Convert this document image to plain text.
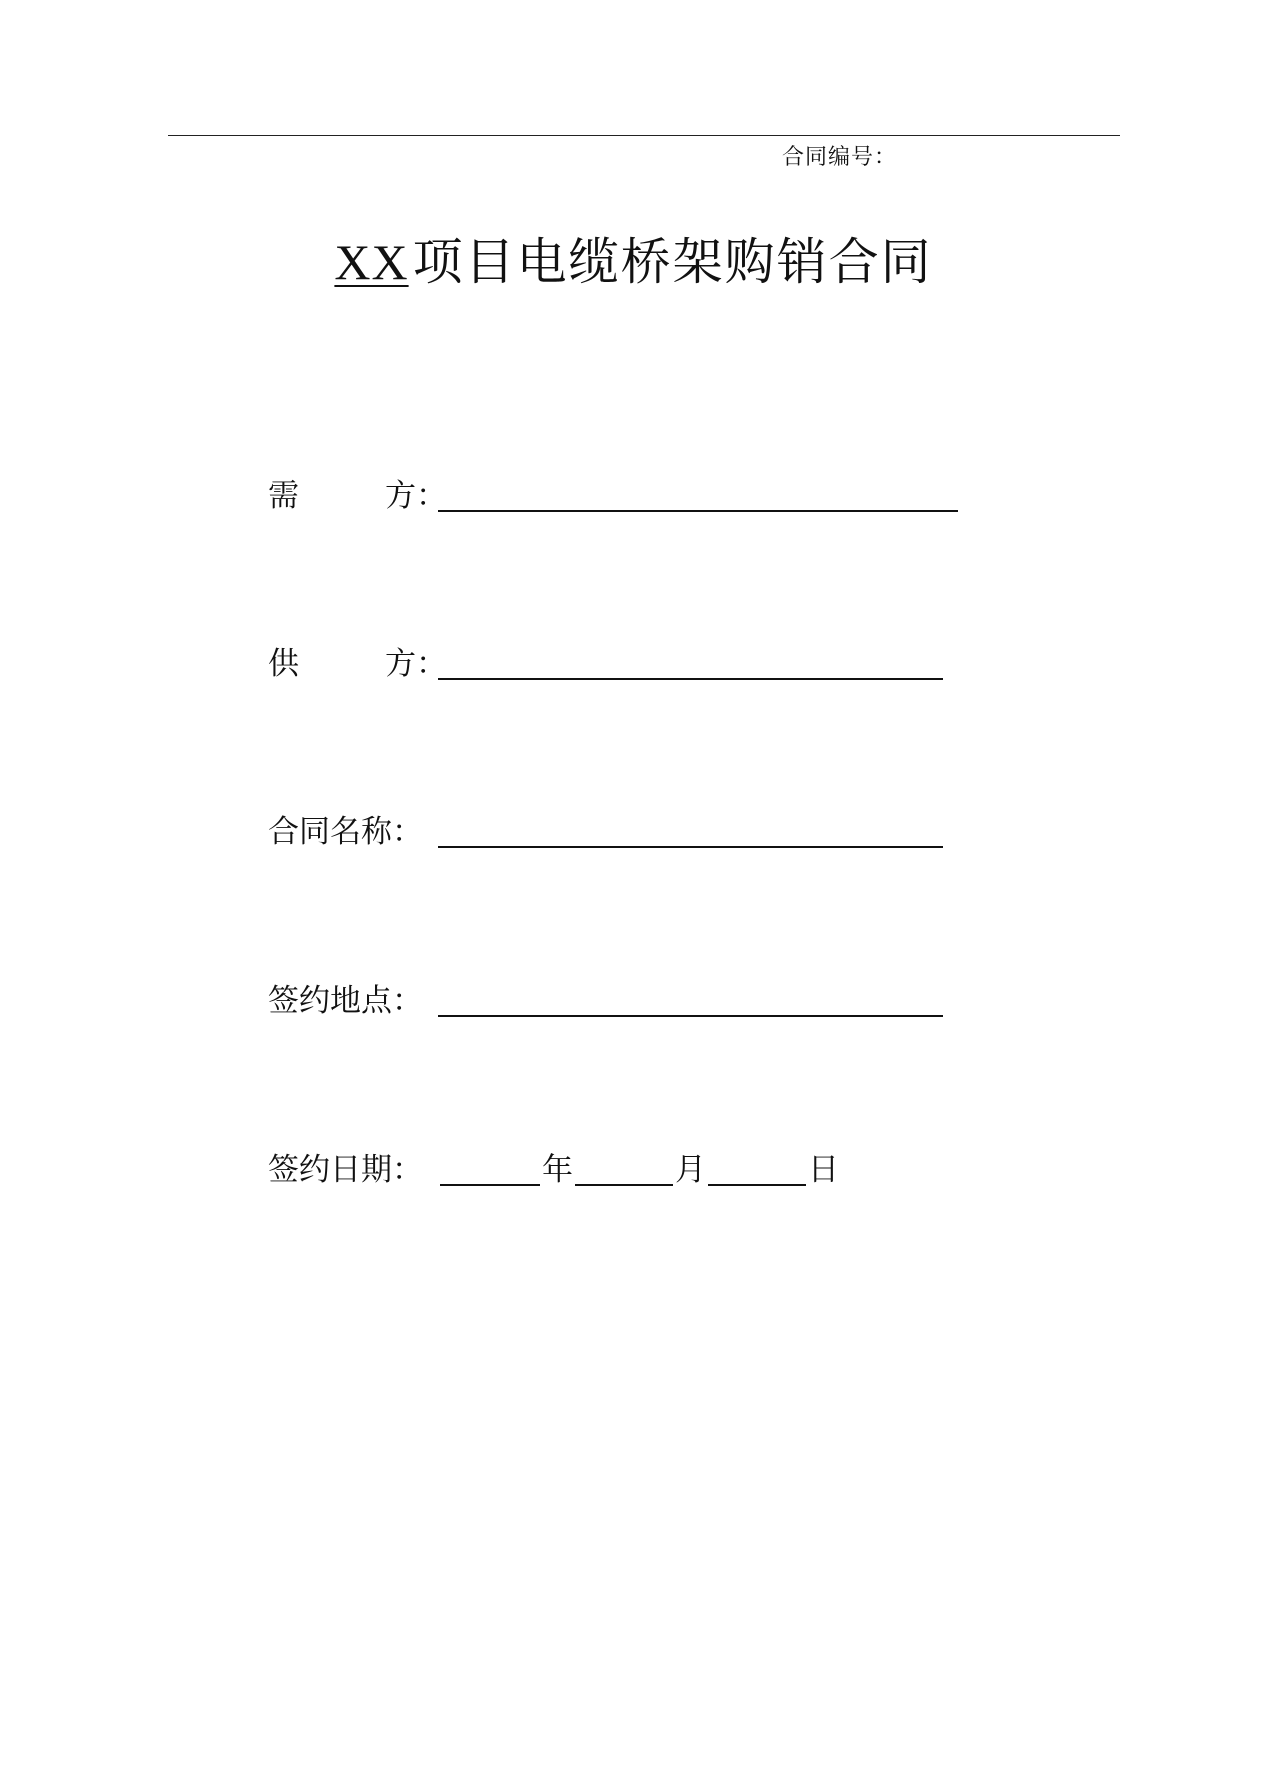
合同编号：
XX项目电缆桥架购销合同
需	方 ：
供	方 ：
合同名称：
签约地点：
签约日期：	年	月	日
